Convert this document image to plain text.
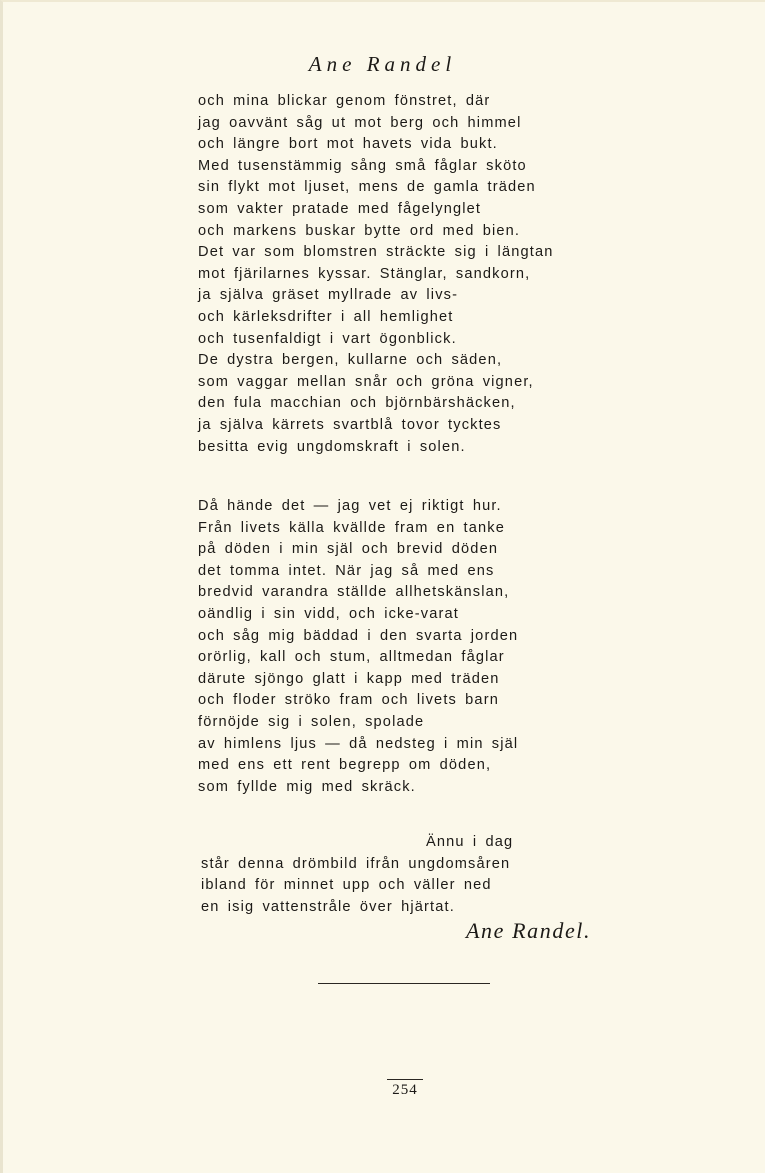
Ane Randel
och mina blickar genom fönstret, där
jag oavvänt såg ut mot berg och himmel
och längre bort mot havets vida bukt.
Med tusenstämmig sång små fåglar sköto
sin flykt mot ljuset, mens de gamla träden
som vakter pratade med fågelynglet
och markens buskar bytte ord med bien.
Det var som blomstren sträckte sig i längtan
mot fjärilarnes kyssar. Stänglar, sandkorn,
ja själva gräset myllrade av livs-
och kärleksdrifter i all hemlighet
och tusenfaldigt i vart ögonblick.
De dystra bergen, kullarne och säden,
som vaggar mellan snår och gröna vigner,
den fula macchian och björnbärshäcken,
ja själva kärrets svartblå tovor tycktes
besitta evig ungdomskraft i solen.
Då hände det — jag vet ej riktigt hur.
Från livets källa kvällde fram en tanke
på döden i min själ och brevid döden
det tomma intet. När jag så med ens
bredvid varandra ställde allhetskänslan,
oändlig i sin vidd, och icke-varat
och såg mig bäddad i den svarta jorden
orörlig, kall och stum, alltmedan fåglar
därute sjöngo glatt i kapp med träden
och floder ströko fram och livets barn
förnöjde sig i solen, spolade
av himlens ljus — då nedsteg i min själ
med ens ett rent begrepp om döden,
som fyllde mig med skräck.
Ännu i dag
står denna drömbild ifrån ungdomsåren
ibland för minnet upp och väller ned
en isig vattenstråle över hjärtat.
Ane Randel.
254
